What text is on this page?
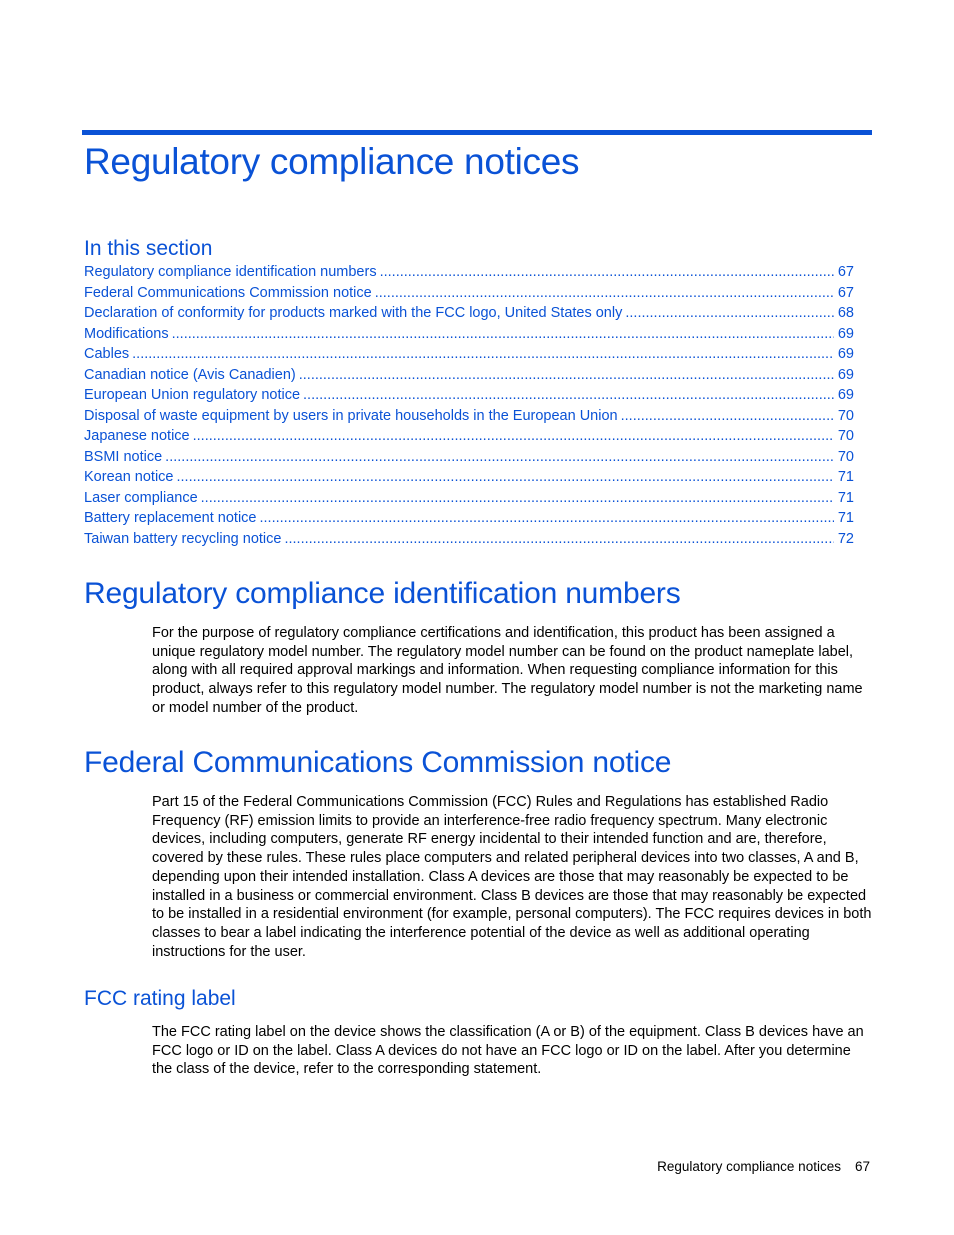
Regulatory compliance notices
In this section
Regulatory compliance identification numbers .....	67
Federal Communications Commission notice .....	67
Declaration of conformity for products marked with the FCC logo, United States only .....	68
Modifications .....	69
Cables .....	69
Canadian notice (Avis Canadien) .....	69
European Union regulatory notice .....	69
Disposal of waste equipment by users in private households in the European Union .....	70
Japanese notice .....	70
BSMI notice .....	70
Korean notice .....	71
Laser compliance .....	71
Battery replacement notice .....	71
Taiwan battery recycling notice .....	72
Regulatory compliance identification numbers

For the purpose of regulatory compliance certifications and identification, this product has been assigned a unique regulatory model number. The regulatory model number can be found on the product nameplate label, along with all required approval markings and information. When requesting compliance information for this product, always refer to this regulatory model number. The regulatory model number is not the marketing name or model number of the product.

Federal Communications Commission notice

Part 15 of the Federal Communications Commission (FCC) Rules and Regulations has established Radio Frequency (RF) emission limits to provide an interference-free radio frequency spectrum. Many electronic devices, including computers, generate RF energy incidental to their intended function and are, therefore, covered by these rules. These rules place computers and related peripheral devices into two classes, A and B, depending upon their intended installation. Class A devices are those that may reasonably be expected to be installed in a business or commercial environment. Class B devices are those that may reasonably be expected to be installed in a residential environment (for example, personal computers). The FCC requires devices in both classes to bear a label indicating the interference potential of the device as well as additional operating instructions for the user.

FCC rating label

The FCC rating label on the device shows the classification (A or B) of the equipment. Class B devices have an FCC logo or ID on the label. Class A devices do not have an FCC logo or ID on the label. After you determine the class of the device, refer to the corresponding statement.

Regulatory compliance notices 67
